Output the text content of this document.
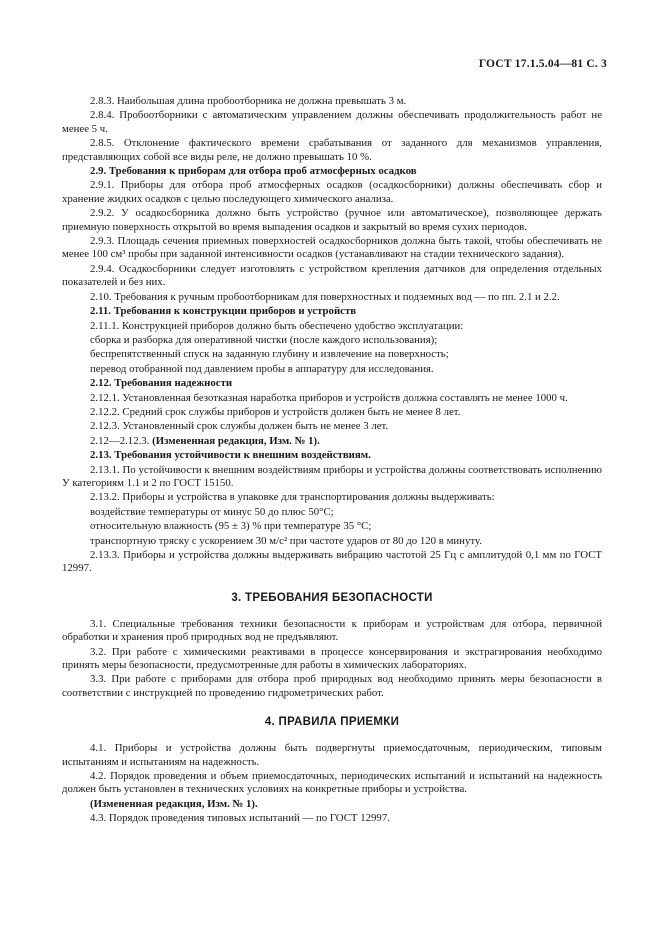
ГОСТ 17.1.5.04—81 С. 3

2.8.3. Наибольшая длина пробоотборника не должна превышать 3 м.

2.8.4. Пробоотборники с автоматическим управлением должны обеспечивать продолжительность работ не менее 5 ч.

2.8.5. Отклонение фактического времени срабатывания от заданного для механизмов управления, представляющих собой все виды реле, не должно превышать 10 %.

2.9. Требования к приборам для отбора проб атмосферных осадков

2.9.1. Приборы для отбора проб атмосферных осадков (осадкосборники) должны обеспечивать сбор и хранение жидких осадков с целью последующего химического анализа.

2.9.2. У осадкосборника должно быть устройство (ручное или автоматическое), позволяющее держать приемную поверхность открытой во время выпадения осадков и закрытый во время сухих периодов.

2.9.3. Площадь сечения приемных поверхностей осадкосборников должна быть такой, чтобы обеспечивать не менее 100 см³ пробы при заданной интенсивности осадков (устанавливают на стадии технического задания).

2.9.4. Осадкосборники следует изготовлять с устройством крепления датчиков для определения отдельных показателей и без них.

2.10. Требования к ручным пробоотборникам для поверхностных и подземных вод — по пп. 2.1 и 2.2.

2.11. Требования к конструкции приборов и устройств

2.11.1. Конструкцией приборов должно быть обеспечено удобство эксплуатации:

сборка и разборка для оперативной чистки (после каждого использования);

беспрепятственный спуск на заданную глубину и извлечение на поверхность;

перевод отобранной под давлением пробы в аппаратуру для исследования.

2.12. Требования надежности

2.12.1. Установленная безотказная наработка приборов и устройств должна составлять не менее 1000 ч.

2.12.2. Средний срок службы приборов и устройств должен быть не менее 8 лет.

2.12.3. Установленный срок службы должен быть не менее 3 лет.

2.12—2.12.3. (Измененная редакция, Изм. № 1).

2.13. Требования устойчивости к внешним воздействиям.

2.13.1. По устойчивости к внешним воздействиям приборы и устройства должны соответствовать исполнению У категориям 1.1 и 2 по ГОСТ 15150.

2.13.2. Приборы и устройства в упаковке для транспортирования должны выдерживать:

воздействие температуры от минус 50 до плюс 50°С;

относительную влажность (95 ± 3) % при температуре 35 °С;

транспортную тряску с ускорением 30 м/с² при частоте ударов от 80 до 120 в минуту.

2.13.3. Приборы и устройства должны выдерживать вибрацию частотой 25 Гц с амплитудой 0,1 мм по ГОСТ 12997.

3. ТРЕБОВАНИЯ БЕЗОПАСНОСТИ

3.1. Специальные требования техники безопасности к приборам и устройствам для отбора, первичной обработки и хранения проб природных вод не предъявляют.

3.2. При работе с химическими реактивами в процессе консервирования и экстрагирования необходимо принять меры безопасности, предусмотренные для работы в химических лабораториях.

3.3. При работе с приборами для отбора проб природных вод необходимо принять меры безопасности в соответствии с инструкцией по проведению гидрометрических работ.

4. ПРАВИЛА ПРИЕМКИ

4.1. Приборы и устройства должны быть подвергнуты приемосдаточным, периодическим, типовым испытаниям и испытаниям на надежность.

4.2. Порядок проведения и объем приемосдаточных, периодических испытаний и испытаний на надежность должен быть установлен в технических условиях на конкретные приборы и устройства.

(Измененная редакция, Изм. № 1).

4.3. Порядок проведения типовых испытаний — по ГОСТ 12997.
